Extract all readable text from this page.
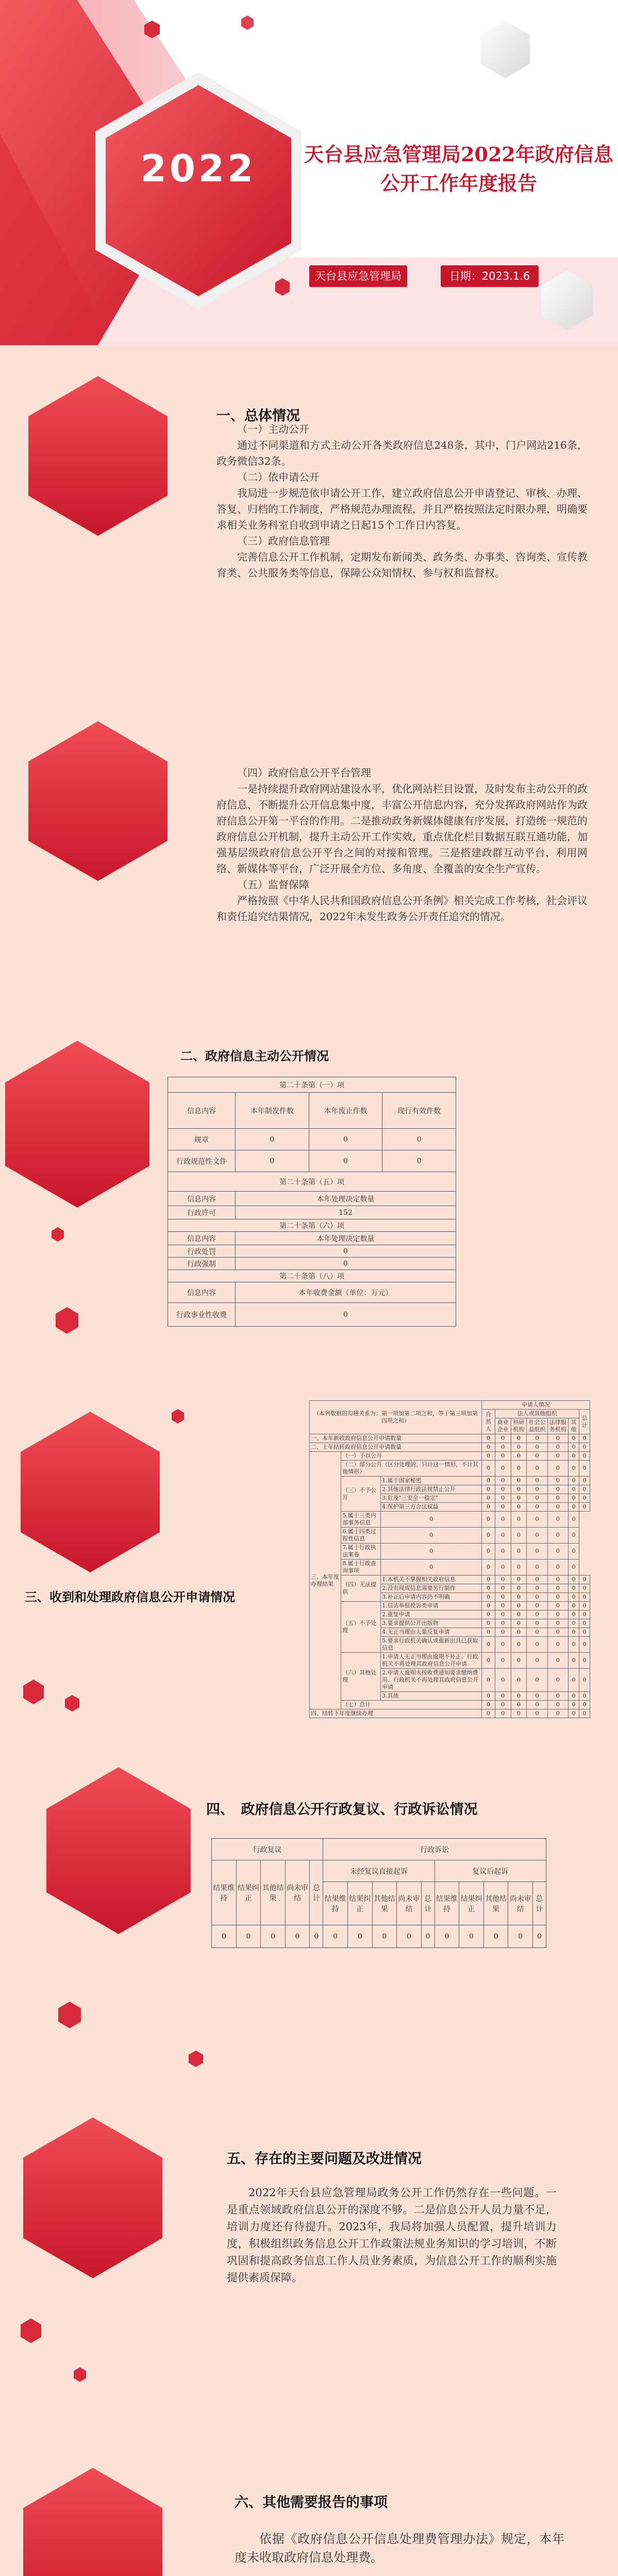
2022	天台县应急管理局2022年政府信息
公开工作年度报告
天台县应急管理局	日期：2023.1.6
一、总体情况

（一）主动公开

通过不同渠道和方式主动公开各类政府信息248条，其中，门户网站216条，政务微信32条。

（二）依申请公开

我局进一步规范依申请公开工作，建立政府信息公开申请登记、审核、办理、答复、归档的工作制度，严格规范办理流程，并且严格按照法定时限办理，明确要求相关业务科室自收到申请之日起15个工作日内答复。

（三）政府信息管理

完善信息公开工作机制，定期发布新闻类、政务类、办事类、咨询类、宣传教育类、公共服务类等信息，保障公众知情权、参与权和监督权。

（四）政府信息公开平台管理

一是持续提升政府网站建设水平，优化网站栏目设置，及时发布主动公开的政府信息，不断提升公开信息集中度，丰富公开信息内容，充分发挥政府网站作为政府信息公开第一平台的作用。二是推动政务新媒体健康有序发展，打造统一规范的政府信息公开机制，提升主动公开工作实效，重点优化栏目数据互联互通功能，加强基层级政府信息公开平台之间的对接和管理。三是搭建政群互动平台，利用网络、新媒体等平台，广泛开展全方位、多角度、全覆盖的安全生产宣传。

（五）监督保障

严格按照《中华人民共和国政府信息公开条例》相关完成工作考核，社会评议和责任追究结果情况，2022年未发生政务公开责任追究的情况。

二、政府信息主动公开情况
第二十条第（一）项			
信息内容	本年制发件数	本年废止件数	现行有效件数
规章	0	0	0
行政规范性文件	0	0	0
第二十条第（五）项			
信息内容	本年处理决定数量		
行政许可	152		
第二十条第（六）项			
信息内容	本年处理决定数量		
行政处罚	0		
行政强制	0		
第二十条第（八）项			
信息内容	本年收费金额（单位：万元）		
行政事业性收费	0		
三、收到和处理政府信息公开申请情况
（本列数据的勾稽关系为：第一项加第二项之和，等于第三项加第四项之和）			申请人情况						
			自然人	法人或其他组织					总计
				商业企业	科研机构	社会公益组织	法律服务机构	其他	
一、本年新收政府信息公开申请数量			0	0	0	0	0	0	0
二、上年结转政府信息公开申请数量			0	0	0	0	0	0	0
三、本年度办理结果	（一）予以公开		0	0	0	0	0	0	0
	（二）部分公开（区分处理的，只计这一情形，不计其他情形）		0	0	0	0	0	0	0
	（三）不予公开	1.属于国家秘密	0	0	0	0	0	0	0
		2.其他法律行政法规禁止公开	0	0	0	0	0	0	0
		3.危及"三安全一稳定"	0	0	0	0	0	0	0
		4.保护第三方合法权益	0	0	0	0	0	0	0
	5.属于三类内部事务信息	0	0	0	0	0	0	0	
	6.属于四类过程性信息	0	0	0	0	0	0	0	
	7.属于行政执法案卷	0	0	0	0	0	0	0	
	8.属于行政查询事项	0	0	0	0	0	0	0	
	（四）无法提供	1.本机关不掌握相关政府信息	0	0	0	0	0	0	0
		2.没有现成信息需要另行制作	0	0	0	0	0	0	0
		3.补正后申请内容仍不明确	0	0	0	0	0	0	0
	（五）不予处理	1.信访举报投诉类申请	0	0	0	0	0	0	0
		2.重复申请	0	0	0	0	0	0	0
		3.要求提供公开出版物	0	0	0	0	0	0	0
		4.无正当理由大量反复申请	0	0	0	0	0	0	0
		5.要求行政机关确认或重新出具已获取信息	0	0	0	0	0	0	0
	（六）其他处理	1.申请人无正当理由逾期不补正、行政机关不再处理其政府信息公开申请	0	0	0	0	0	0	0
		2.申请人逾期未按收费通知要求缴纳费用、行政机关不再处理其政府信息公开申请	0	0	0	0	0	0	0
		3.其他	0	0	0	0	0	0	0
	（七）总计		0	0	0	0	0	0	0
四、结转下年度继续办理			0	0	0	0	0	0	0
四、　政府信息公开行政复议、行政诉讼情况
行政复议					行政诉讼									
结果维持	结果纠正	其他结果	尚未审结	总计	未经复议直接起诉					复议后起诉				
					结果维持	结果纠正	其他结果	尚未审结	总计	结果维持	结果纠正	其他结果	尚未审结	总计
0	0	0	0	0	0	0	0	0	0	0	0	0	0	0
五、存在的主要问题及改进情况

2022年天台县应急管理局政务公开工作仍然存在一些问题。一是重点领域政府信息公开的深度不够。二是信息公开人员力量不足，培训力度还有待提升。2023年，我局将加强人员配置，提升培训力度，积极组织政务信息公开工作政策法规业务知识的学习培训，不断巩固和提高政务信息工作人员业务素质，为信息公开工作的顺利实施提供素质保障。

六、其他需要报告的事项

依据《政府信息公开信息处理费管理办法》规定，本年度未收取政府信息处理费。
